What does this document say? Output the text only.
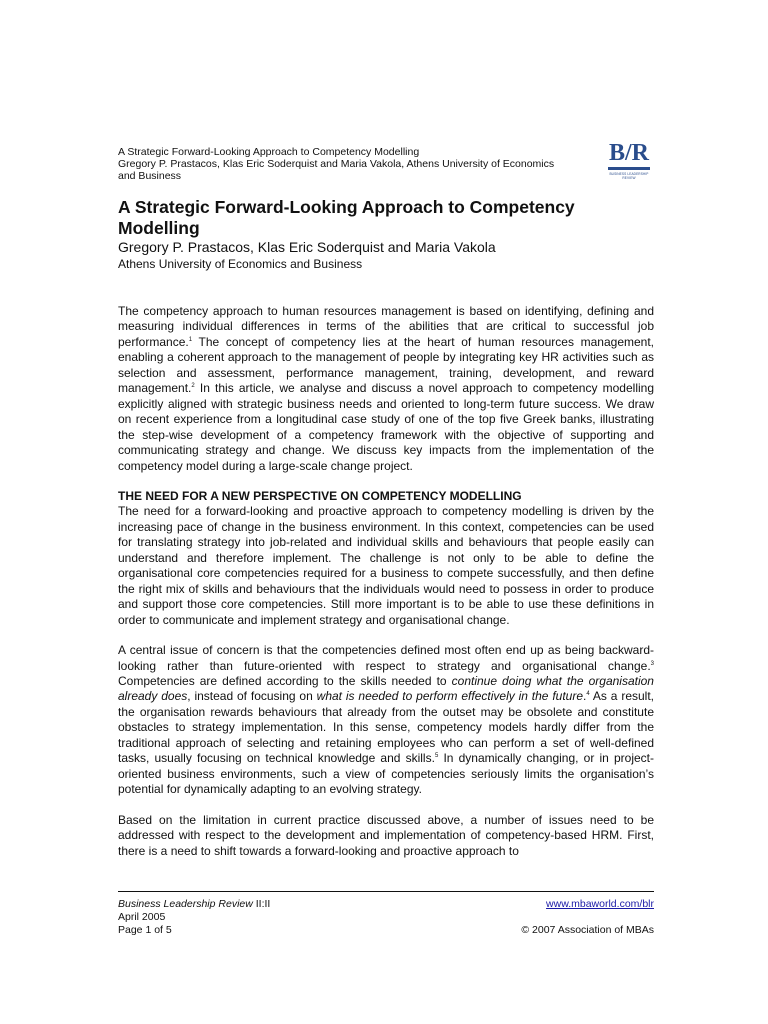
A Strategic Forward-Looking Approach to Competency Modelling
Gregory P. Prastacos, Klas Eric Soderquist and Maria Vakola, Athens University of Economics and Business
B/R
BUSINESS LEADERSHIP REVIEW
A Strategic Forward-Looking Approach to Competency Modelling
Gregory P. Prastacos, Klas Eric Soderquist and Maria Vakola
Athens University of Economics and Business

The competency approach to human resources management is based on identifying, defining and measuring individual differences in terms of the abilities that are critical to successful job performance.$^1$ The concept of competency lies at the heart of human resources management, enabling a coherent approach to the management of people by integrating key HR activities such as selection and assessment, performance management, training, development, and reward management.$^2$ In this article, we analyse and discuss a novel approach to competency modelling explicitly aligned with strategic business needs and oriented to long-term future success. We draw on recent experience from a longitudinal case study of one of the top five Greek banks, illustrating the step-wise development of a competency framework with the objective of supporting and communicating strategy and change. We discuss key impacts from the implementation of the competency model during a large-scale change project.

THE NEED FOR A NEW PERSPECTIVE ON COMPETENCY MODELLING

The need for a forward-looking and proactive approach to competency modelling is driven by the increasing pace of change in the business environment. In this context, competencies can be used for translating strategy into job-related and individual skills and behaviours that people easily can understand and therefore implement. The challenge is not only to be able to define the organisational core competencies required for a business to compete successfully, and then define the right mix of skills and behaviours that the individuals would need to possess in order to produce and support those core competencies. Still more important is to be able to use these definitions in order to communicate and implement strategy and organisational change.

A central issue of concern is that the competencies defined most often end up as being backward-looking rather than future-oriented with respect to strategy and organisational change.$^3$ Competencies are defined according to the skills needed to continue doing what the organisation already does, instead of focusing on what is needed to perform effectively in the future.$^4$ As a result, the organisation rewards behaviours that already from the outset may be obsolete and constitute obstacles to strategy implementation. In this sense, competency models hardly differ from the traditional approach of selecting and retaining employees who can perform a set of well-defined tasks, usually focusing on technical knowledge and skills.$^5$ In dynamically changing, or in project-oriented business environments, such a view of competencies seriously limits the organisation’s potential for dynamically adapting to an evolving strategy.

Based on the limitation in current practice discussed above, a number of issues need to be addressed with respect to the development and implementation of competency-based HRM. First, there is a need to shift towards a forward-looking and proactive approach to

Business Leadership Review II:II
April 2005
Page 1 of 5
www.mbaworld.com/blr
© 2007 Association of MBAs
